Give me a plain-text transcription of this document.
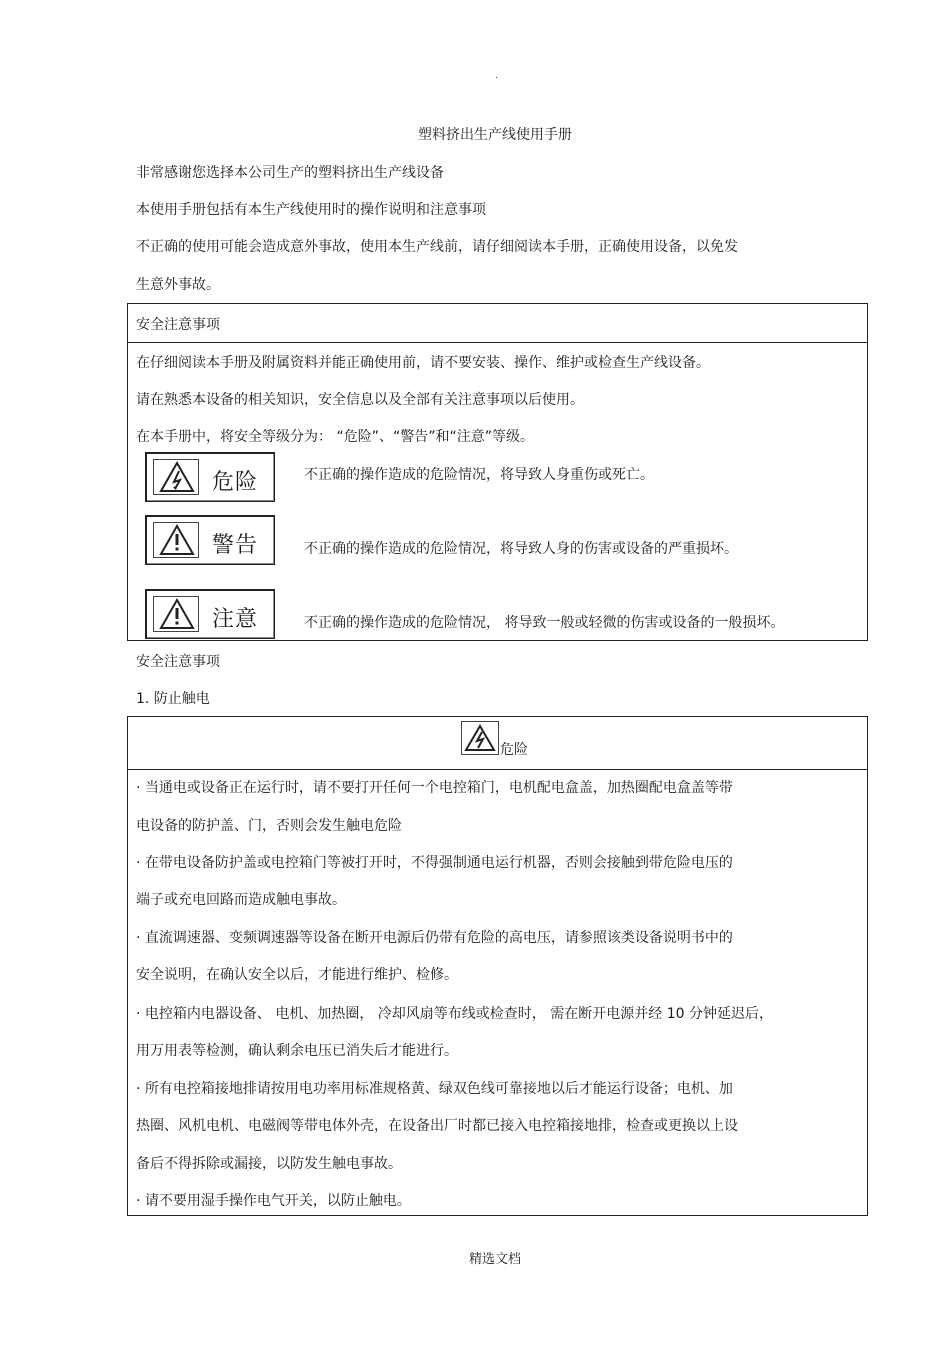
.
塑料挤出生产线使用手册
非常感谢您选择本公司生产的塑料挤出生产线设备
本使用手册包括有本生产线使用时的操作说明和注意事项
不正确的使用可能会造成意外事故，使用本生产线前，请仔细阅读本手册，正确使用设备，以免发
生意外事故。
安全注意事项
在仔细阅读本手册及附属资料并能正确使用前，请不要安装、操作、维护或检查生产线设备。
请在熟悉本设备的相关知识，安全信息以及全部有关注意事项以后使用。
在本手册中，将安全等级分为： “危险”、“警告”和“注意”等级。
危险	不正确的操作造成的危险情况，将导致人身重伤或死亡。
警告	不正确的操作造成的危险情况，将导致人身的伤害或设备的严重损坏。
注意	不正确的操作造成的危险情况， 将导致一般或轻微的伤害或设备的一般损坏。
安全注意事项
1. 防止触电
危险
· 当通电或设备正在运行时，请不要打开任何一个电控箱门，电机配电盒盖，加热圈配电盒盖等带
电设备的防护盖、门，否则会发生触电危险
· 在带电设备防护盖或电控箱门等被打开时，不得强制通电运行机器，否则会接触到带危险电压的
端子或充电回路而造成触电事故。
· 直流调速器、变频调速器等设备在断开电源后仍带有危险的高电压，请参照该类设备说明书中的
安全说明，在确认安全以后，才能进行维护、检修。
· 电控箱内电器设备、 电机、加热圈， 冷却风扇等布线或检查时， 需在断开电源并经 10 分钟延迟后，
用万用表等检测，确认剩余电压已消失后才能进行。
· 所有电控箱接地排请按用电功率用标准规格黄、绿双色线可靠接地以后才能运行设备；电机、加
热圈、风机电机、电磁阀等带电体外壳，在设备出厂时都已接入电控箱接地排，检查或更换以上设
备后不得拆除或漏接，以防发生触电事故。
· 请不要用湿手操作电气开关，以防止触电。
精选文档
